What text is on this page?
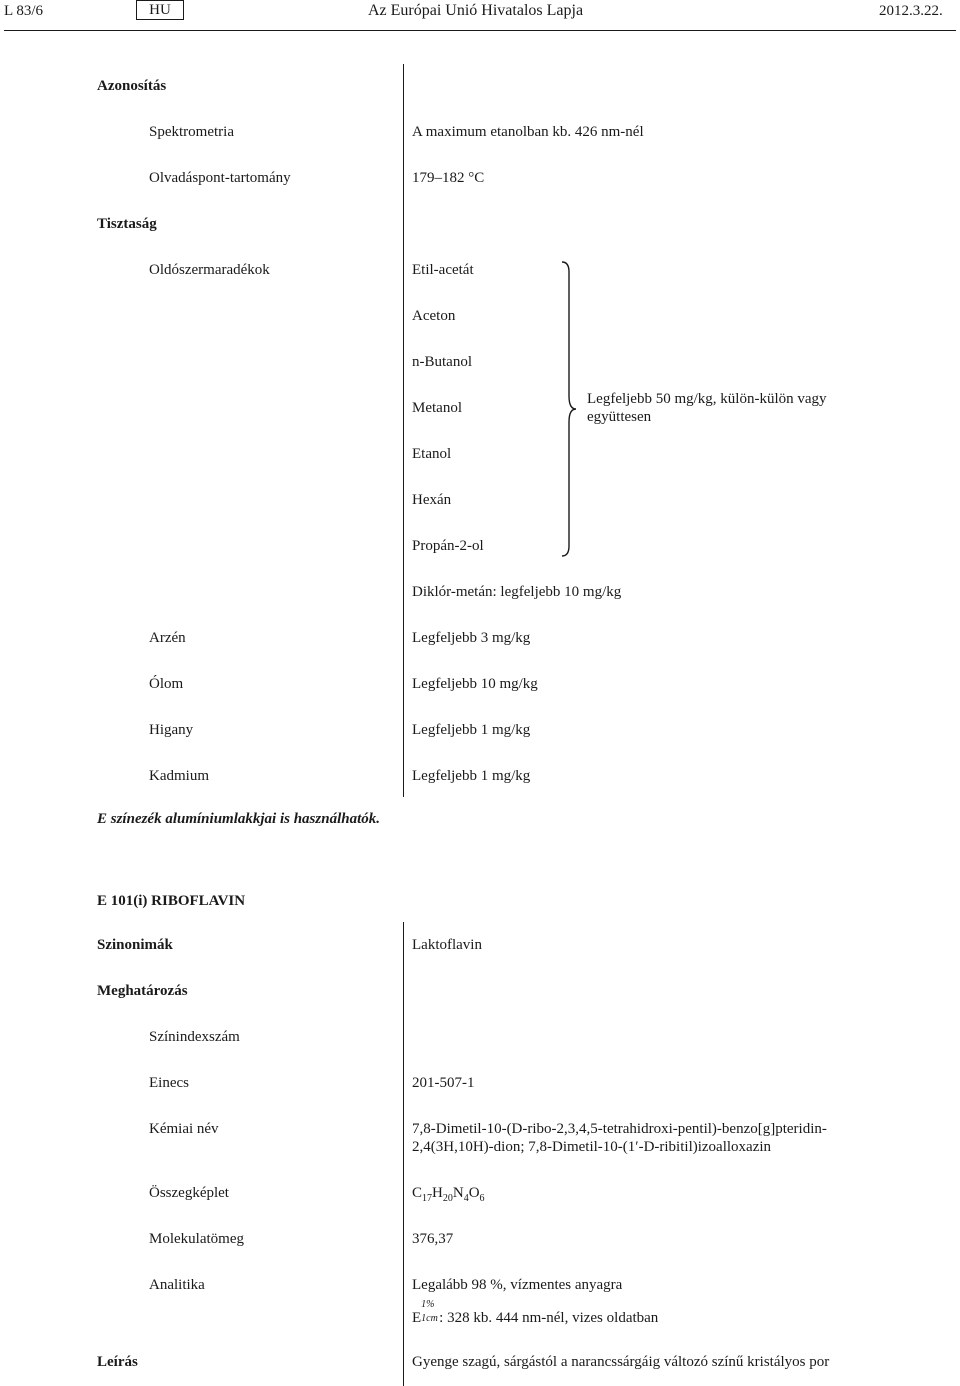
L 83/6	HU	Az Európai Unió Hivatalos Lapja	2012.3.22.
Azonosítás
Spektrometria	A maximum etanolban kb. 426 nm-nél
Olvadáspont-tartomány	179–182 °C
Tisztaság
Oldószermaradékok	Etil-acetát
Aceton
n-Butanol
Metanol
Etanol
Hexán
Propán-2-ol
Legfeljebb 50 mg/kg, külön-külön vagy
együttesen
Diklór-metán: legfeljebb 10 mg/kg
Arzén	Legfeljebb 3 mg/kg
Ólom	Legfeljebb 10 mg/kg
Higany	Legfeljebb 1 mg/kg
Kadmium	Legfeljebb 1 mg/kg
E színezék alumíniumlakkjai is használhatók.
E 101(i) RIBOFLAVIN
Szinonimák	Laktoflavin
Meghatározás
Színindexszám
Einecs	201-507-1
Kémiai név	7,8-Dimetil-10-(D-ribo-2,3,4,5-tetrahidroxi-pentil)-benzo[g]pteridin-
2,4(3H,10H)-dion; 7,8-Dimetil-10-(1′-D-ribitil)izoalloxazin
Összegképlet	$C_{17}H_{20}N_4O_6$
Molekulatömeg	376,37
Analitika	Legalább 98 %, vízmentes anyagra
E
1%
1cm : 328 kb. 444 nm-nél, vizes oldatban
Leírás	Gyenge szagú, sárgástól a narancssárgáig változó színű kristályos por
